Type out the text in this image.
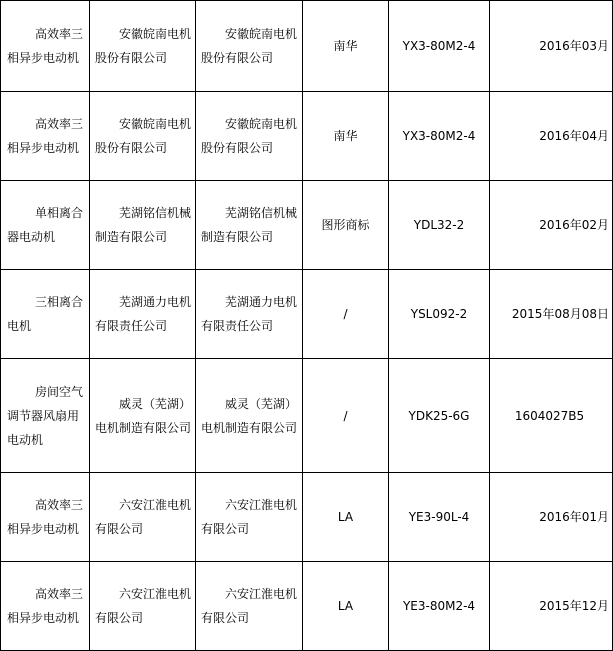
高效率三相异步电动机	安徽皖南电机股份有限公司	安徽皖南电机股份有限公司	南华	YX3-80M2-4	2016年03月

高效率三相异步电动机	安徽皖南电机股份有限公司	安徽皖南电机股份有限公司	南华	YX3-80M2-4	2016年04月

单相离合器电动机	芜湖铭信机械制造有限公司	芜湖铭信机械制造有限公司	图形商标	YDL32-2	2016年02月

三相离合电机	芜湖通力电机有限责任公司	芜湖通力电机有限责任公司	/	YSL092-2	2015年08月08日

房间空气调节器风扇用电动机	威灵（芜湖）电机制造有限公司	威灵（芜湖）电机制造有限公司	/	YDK25-6G	160402​7B5

高效率三相异步电动机	六安江淮电机有限公司	六安江淮电机有限公司	LA	YE3-90L-4	2016年01月

高效率三相异步电动机	六安江淮电机有限公司	六安江淮电机有限公司	LA	YE3-80M2-4	2015年12月
